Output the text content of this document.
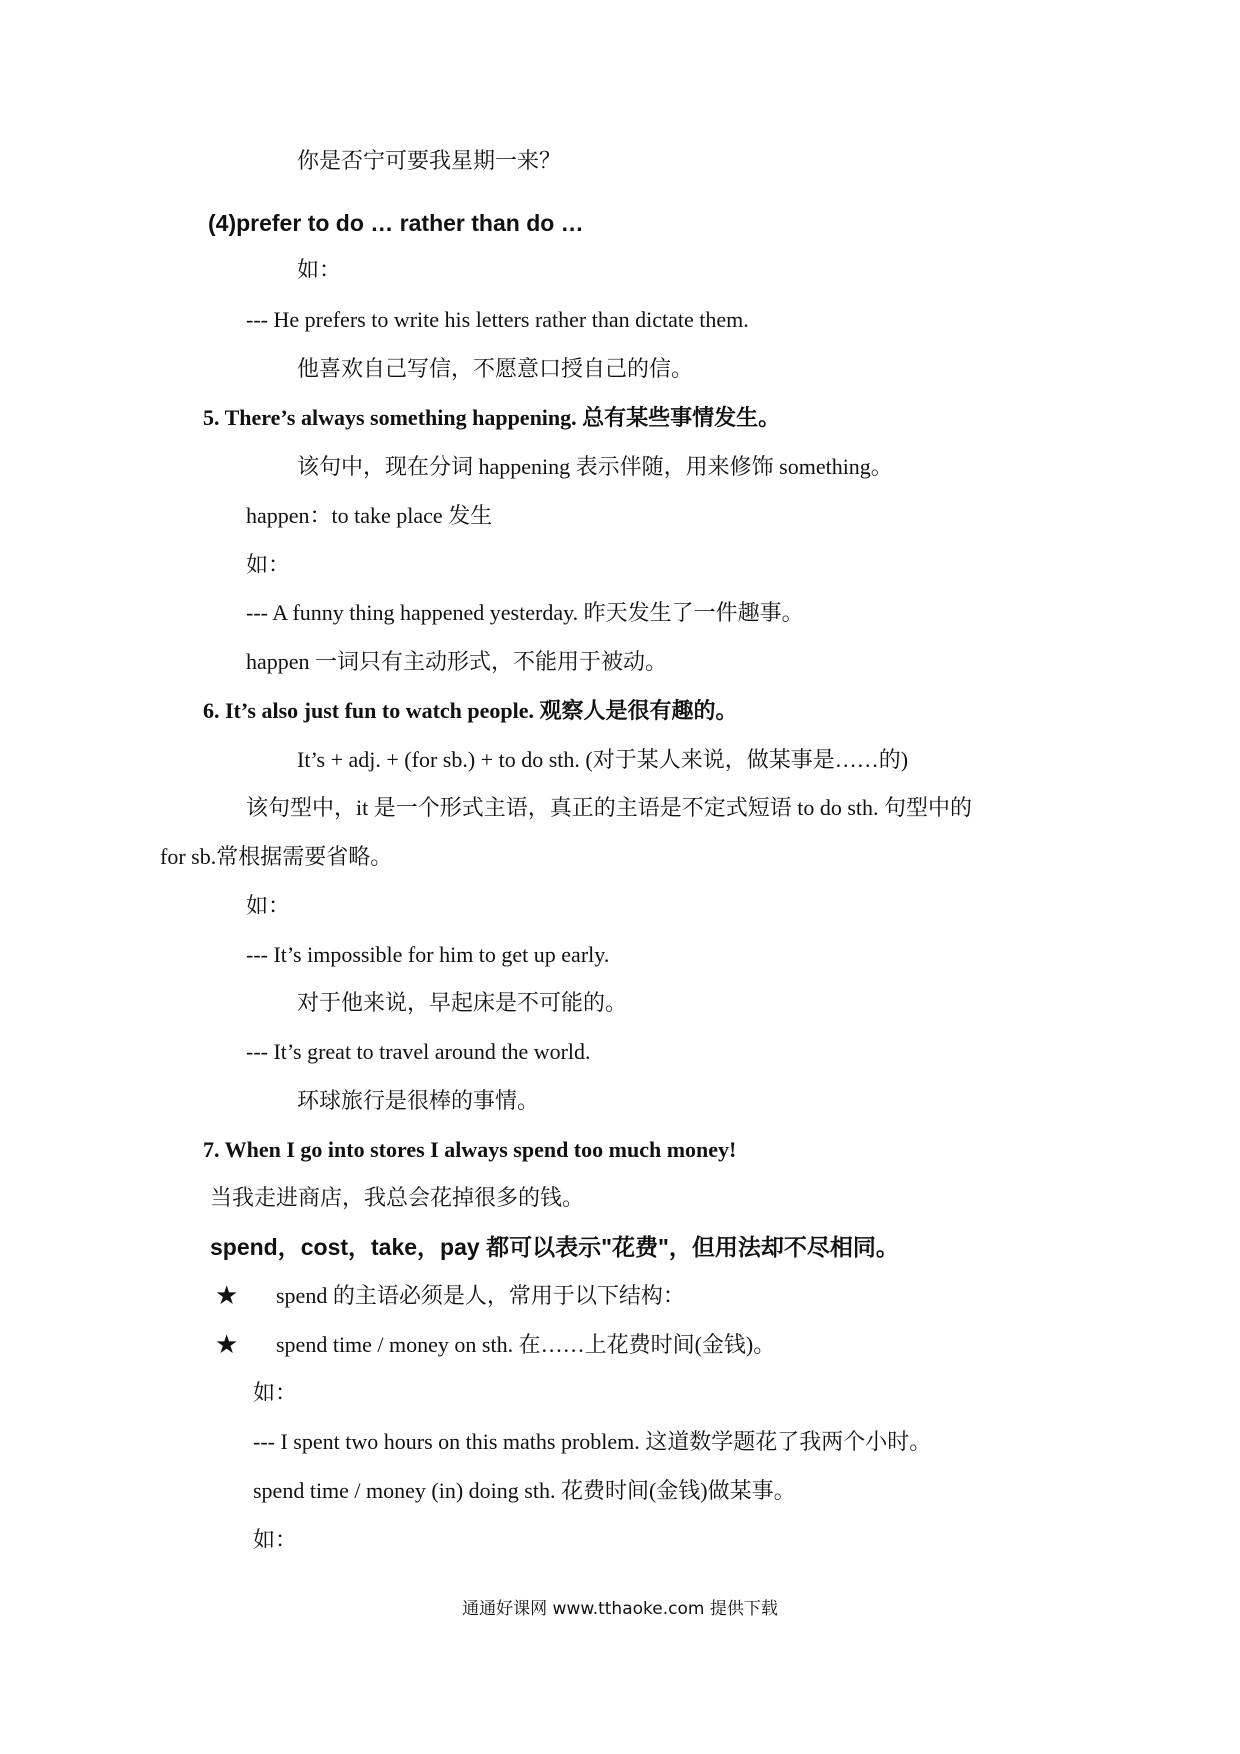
你是否宁可要我星期一来？
(4)prefer to do … rather than do …
如：
--- He prefers to write his letters rather than dictate them.
他喜欢自己写信，不愿意口授自己的信。
5. There’s always something happening. 总有某些事情发生。
该句中，现在分词 happening 表示伴随，用来修饰 something。
happen：to take place 发生
如：
--- A funny thing happened yesterday. 昨天发生了一件趣事。
happen 一词只有主动形式，不能用于被动。
6. It’s also just fun to watch people. 观察人是很有趣的。
It’s + adj. + (for sb.) + to do sth. (对于某人来说，做某事是……的)
该句型中，it 是一个形式主语，真正的主语是不定式短语 to do sth. 句型中的
for sb.常根据需要省略。
如：
--- It’s impossible for him to get up early.
对于他来说，早起床是不可能的。
--- It’s great to travel around the world.
环球旅行是很棒的事情。
7. When I go into stores I always spend too much money!
当我走进商店，我总会花掉很多的钱。
spend，cost，take，pay 都可以表示"花费"，但用法却不尽相同。
★ spend 的主语必须是人，常用于以下结构：
★ spend time / money on sth. 在……上花费时间(金钱)。
如：
--- I spent two hours on this maths problem. 这道数学题花了我两个小时。
spend time / money (in) doing sth. 花费时间(金钱)做某事。
如：
通通好课网 www.tthaoke.com 提供下载
